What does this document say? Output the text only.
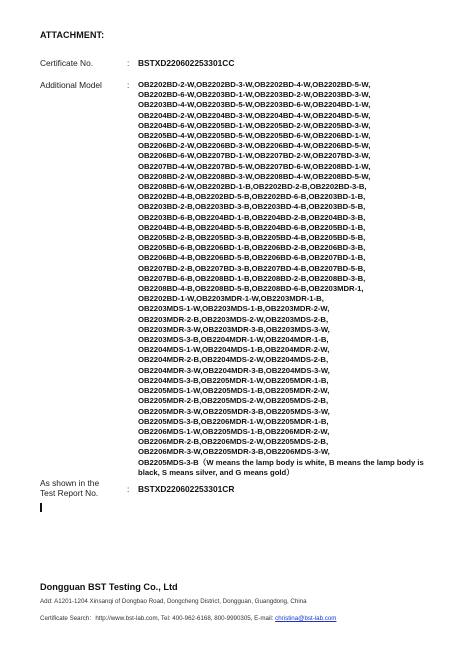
ATTACHMENT:
Certificate No.	: BSTXD220602253301CC
Additional Model	: OB2202BD-2-W,OB2202BD-3-W,OB2202BD-4-W,OB2202BD-5-W,
OB2202BD-6-W,OB2203BD-1-W,OB2203BD-2-W,OB2203BD-3-W,
OB2203BD-4-W,OB2203BD-5-W,OB2203BD-6-W,OB2204BD-1-W,
OB2204BD-2-W,OB2204BD-3-W,OB2204BD-4-W,OB2204BD-5-W,
OB2204BD-6-W,OB2205BD-1-W,OB2205BD-2-W,OB2205BD-3-W,
OB2205BD-4-W,OB2205BD-5-W,OB2205BD-6-W,OB2206BD-1-W,
OB2206BD-2-W,OB2206BD-3-W,OB2206BD-4-W,OB2206BD-5-W,
OB2206BD-6-W,OB2207BD-1-W,OB2207BD-2-W,OB2207BD-3-W,
OB2207BD-4-W,OB2207BD-5-W,OB2207BD-6-W,OB2208BD-1-W,
OB2208BD-2-W,OB2208BD-3-W,OB2208BD-4-W,OB2208BD-5-W,
OB2208BD-6-W,OB2202BD-1-B,OB2202BD-2-B,OB2202BD-3-B,
OB2202BD-4-B,OB2202BD-5-B,OB2202BD-6-B,OB2203BD-1-B,
OB2203BD-2-B,OB2203BD-3-B,OB2203BD-4-B,OB2203BD-5-B,
OB2203BD-6-B,OB2204BD-1-B,OB2204BD-2-B,OB2204BD-3-B,
OB2204BD-4-B,OB2204BD-5-B,OB2204BD-6-B,OB2205BD-1-B,
OB2205BD-2-B,OB2205BD-3-B,OB2205BD-4-B,OB2205BD-5-B,
OB2205BD-6-B,OB2206BD-1-B,OB2206BD-2-B,OB2206BD-3-B,
OB2206BD-4-B,OB2206BD-5-B,OB2206BD-6-B,OB2207BD-1-B,
OB2207BD-2-B,OB2207BD-3-B,OB2207BD-4-B,OB2207BD-5-B,
OB2207BD-6-B,OB2208BD-1-B,OB2208BD-2-B,OB2208BD-3-B,
OB2208BD-4-B,OB2208BD-5-B,OB2208BD-6-B,OB2203MDR-1,
OB2202BD-1-W,OB2203MDR-1-W,OB2203MDR-1-B,
OB2203MDS-1-W,OB2203MDS-1-B,OB2203MDR-2-W,
OB2203MDR-2-B,OB2203MDS-2-W,OB2203MDS-2-B,
OB2203MDR-3-W,OB2203MDR-3-B,OB2203MDS-3-W,
OB2203MDS-3-B,OB2204MDR-1-W,OB2204MDR-1-B,
OB2204MDS-1-W,OB2204MDS-1-B,OB2204MDR-2-W,
OB2204MDR-2-B,OB2204MDS-2-W,OB2204MDS-2-B,
OB2204MDR-3-W,OB2204MDR-3-B,OB2204MDS-3-W,
OB2204MDS-3-B,OB2205MDR-1-W,OB2205MDR-1-B,
OB2205MDS-1-W,OB2205MDS-1-B,OB2205MDR-2-W,
OB2205MDR-2-B,OB2205MDS-2-W,OB2205MDS-2-B,
OB2205MDR-3-W,OB2205MDR-3-B,OB2205MDS-3-W,
OB2205MDS-3-B,OB2206MDR-1-W,OB2205MDR-1-B,
OB2206MDS-1-W,OB2205MDS-1-B,OB2206MDR-2-W,
OB2206MDR-2-B,OB2206MDS-2-W,OB2205MDS-2-B,
OB2206MDR-3-W,OB2205MDR-3-B,OB2206MDS-3-W,
OB2205MDS-3-B（W means the lamp body is white, B means the lamp body is black, S means silver, and G means gold）
As shown in the
Test Report No.	: BSTXD220602253301CR
Dongguan BST Testing Co., Ltd
Add: A1201-1204 Xinsanqi of Dongbao Road, Dongcheng District, Dongguan, Guangdong, China
Certificate Search：http://www.bst-lab.com, Tel: 400-962-6168, 800-9990305, E-mail: christina@bst-lab.com
